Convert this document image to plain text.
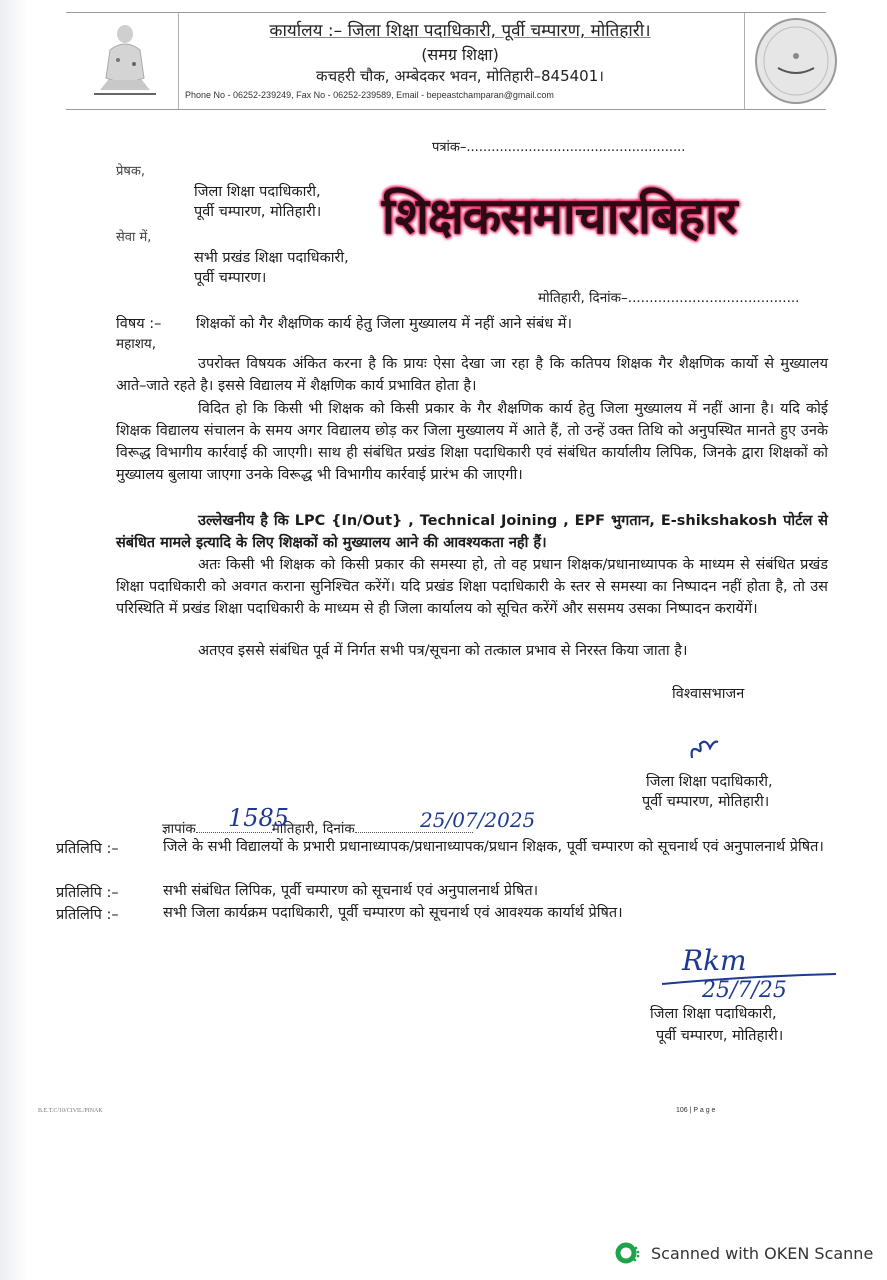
कार्यालय :– जिला शिक्षा पदाधिकारी, पूर्वी चम्पारण, मोतिहारी।
(समग्र शिक्षा)
कचहरी चौक, अम्बेदकर भवन, मोतिहारी–845401।
Phone No - 06252-239249, Fax No - 06252-239589, Email - bepeastchamparan@gmail.com
पत्रांक–.....................................................
प्रेषक,
जिला शिक्षा पदाधिकारी,
पूर्वी चम्पारण, मोतिहारी।
सेवा में,
सभी प्रखंड शिक्षा पदाधिकारी,
पूर्वी चम्पारण।
शिक्षकसमाचारबिहार
मोतिहारी, दिनांक–........................................
विषय :– शिक्षकों को गैर शैक्षणिक कार्य हेतु जिला मुख्यालय में नहीं आने संबंध में।
महाशय,
उपरोक्त विषयक अंकित करना है कि प्रायः ऐसा देखा जा रहा है कि कतिपय शिक्षक गैर शैक्षणिक कार्यो से मुख्यालय आते–जाते रहते है। इससे विद्यालय में शैक्षणिक कार्य प्रभावित होता है।
विदित हो कि किसी भी शिक्षक को किसी प्रकार के गैर शैक्षणिक कार्य हेतु जिला मुख्यालय में नहीं आना है। यदि कोई शिक्षक विद्यालय संचालन के समय अगर विद्यालय छोड़ कर जिला मुख्यालय में आते हैं, तो उन्हें उक्त तिथि को अनुपस्थित मानते हुए उनके विरूद्ध विभागीय कार्रवाई की जाएगी। साथ ही संबंधित प्रखंड शिक्षा पदाधिकारी एवं संबंधित कार्यालीय लिपिक, जिनके द्वारा शिक्षकों को मुख्यालय बुलाया जाएगा उनके विरूद्ध भी विभागीय कार्रवाई प्रारंभ की जाएगी।
उल्लेखनीय है कि LPC {In/Out} , Technical Joining , EPF भुगतान, E-shikshakosh पोर्टल से संबंधित मामले इत्यादि के लिए शिक्षकों को मुख्यालय आने की आवश्यकता नही हैं।
अतः किसी भी शिक्षक को किसी प्रकार की समस्या हो, तो वह प्रधान शिक्षक/प्रधानाध्यापक के माध्यम से संबंधित प्रखंड शिक्षा पदाधिकारी को अवगत कराना सुनिश्चित करेंगें। यदि प्रखंड शिक्षा पदाधिकारी के स्तर से समस्या का निष्पादन नहीं होता है, तो उस परिस्थिति में प्रखंड शिक्षा पदाधिकारी के माध्यम से ही जिला कार्यालय को सूचित करेंगें और ससमय उसका निष्पादन करायेंगें।
अतएव इससे संबंधित पूर्व में निर्गत सभी पत्र/सूचना को तत्काल प्रभाव से निरस्त किया जाता है।
विश्वासभाजन
जिला शिक्षा पदाधिकारी,
पूर्वी चम्पारण, मोतिहारी।
ज्ञापांक	मोतिहारी, दिनांक
1585	25/07/2025
प्रतिलिपि :–	जिले के सभी विद्यालयों के प्रभारी प्रधानाध्यापक/प्रधानाध्यापक/प्रधान शिक्षक, पूर्वी चम्पारण को सूचनार्थ एवं अनुपालनार्थ प्रेषित।
प्रतिलिपि :–	सभी संबंधित लिपिक, पूर्वी चम्पारण को सूचनार्थ एवं अनुपालनार्थ प्रेषित।
प्रतिलिपि :–	सभी जिला कार्यक्रम पदाधिकारी, पूर्वी चम्पारण को सूचनार्थ एवं आवश्यक कार्यार्थ प्रेषित।
Rkm
25/7/25
जिला शिक्षा पदाधिकारी,
पूर्वी चम्पारण, मोतिहारी।
B.E.T.C/10/CIVIL/PINAK	106 | P a g e
Scanned with OKEN Scanne
